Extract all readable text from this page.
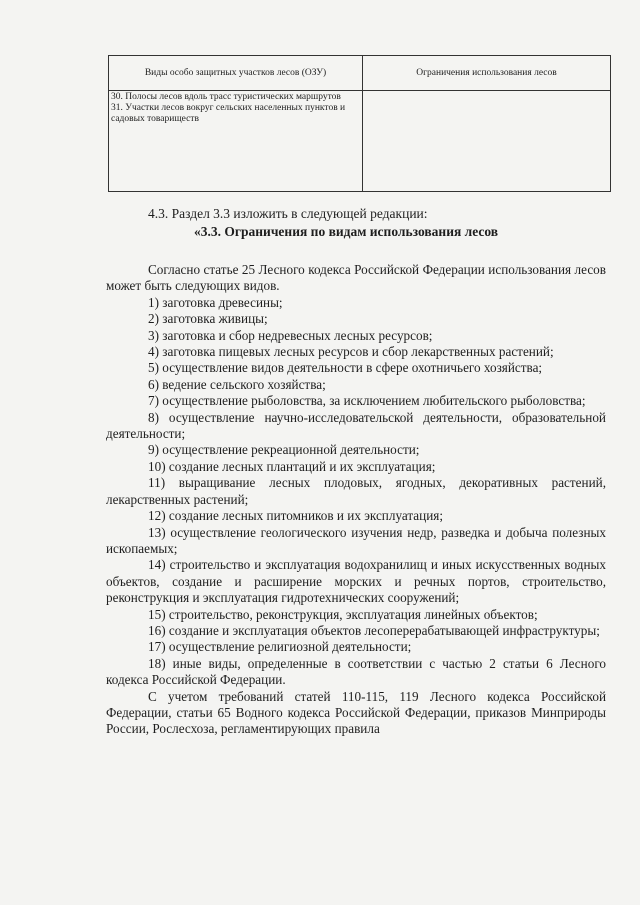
Виды особо защитных участков лесов (ОЗУ)	Ограничения использования лесов

30. Полосы лесов вдоль трасс туристических маршрутов
31. Участки лесов вокруг сельских населенных пунктов и садовых товариществ	

4.3. Раздел 3.3 изложить в следующей редакции:

«3.3. Ограничения по видам использования лесов

Согласно статье 25 Лесного кодекса Российской Федерации использования лесов может быть следующих видов.

1) заготовка древесины;

2) заготовка живицы;

3) заготовка и сбор недревесных лесных ресурсов;

4) заготовка пищевых лесных ресурсов и сбор лекарственных растений;

5) осуществление видов деятельности в сфере охотничьего хозяйства;

6) ведение сельского хозяйства;

7) осуществление рыболовства, за исключением любительского рыболовства;

8) осуществление научно-исследовательской деятельности, образовательной деятельности;

9) осуществление рекреационной деятельности;

10) создание лесных плантаций и их эксплуатация;

11) выращивание лесных плодовых, ягодных, декоративных растений, лекарственных растений;

12) создание лесных питомников и их эксплуатация;

13) осуществление геологического изучения недр, разведка и добыча полезных ископаемых;

14) строительство и эксплуатация водохранилищ и иных искусственных водных объектов, создание и расширение морских и речных портов, строительство, реконструкция и эксплуатация гидротехнических сооружений;

15) строительство, реконструкция, эксплуатация линейных объектов;

16) создание и эксплуатация объектов лесоперерабатывающей инфраструктуры;

17) осуществление религиозной деятельности;

18) иные виды, определенные в соответствии с частью 2 статьи 6 Лесного кодекса Российской Федерации.

С учетом требований статей 110-115, 119 Лесного кодекса Российской Федерации, статьи 65 Водного кодекса Российской Федерации, приказов Минприроды России, Рослесхоза, регламентирующих правила
